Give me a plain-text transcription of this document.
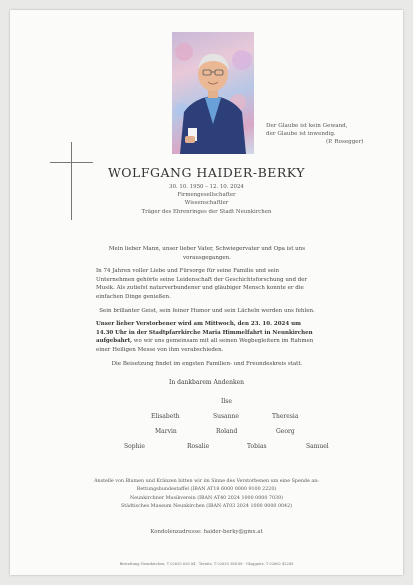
Der Glaube ist kein Gewand,
der Glaube ist inwendig.
(P. Rosegger)
WOLFGANG HAIDER-BERKY
30. 10. 1950 – 12. 10. 2024
Firmengesellschafter
Wissenschaftler
Träger des Ehrenringes der Stadt Neunkirchen

Mein lieber Mann, unser lieber Vater, Schwiegervater und Opa ist uns vorausgegangen.

In 74 Jahren voller Liebe und Fürsorge für seine Familie und sein Unternehmen gehörte seine Leidenschaft der Geschichtsforschung und der Musik. Als zutiefst naturverbundener und gläubiger Mensch konnte er die einfachen Dinge genießen.

Sein brillanter Geist, sein feiner Humor und sein Lächeln werden uns fehlen.

Unser lieber Verstorbener wird am Mittwoch, den 23. 10. 2024 um 14.30 Uhr in der Stadtpfarrkirche Maria Himmelfahrt in Neunkirchen aufgebahrt, wo wir uns gemeinsam mit all seinen Wegbegleitern im Rahmen einer Heiligen Messe von ihm verabschieden.

Die Beisetzung findet im engsten Familien- und Freundeskreis statt.

In dankbarem Andenken
Ilse
Elisabeth	Susanne	Theresia
Marvin	Roland	Georg
Sophie	Rosalie	Tobias	Samuel
Anstelle von Blumen und Kränzen bitten wir im Sinne des Verstorbenen um eine Spende an:
Rettungshundestaffel (IBAN AT18 6000 0000 9100 2220)
Neunkirchner Musikverein (IBAN AT40 2024 1000 0000 7039)
Städtisches Museum Neunkirchen (IBAN AT03 2024 1000 0000 0042)
Kondolenzadresse: haider-berky@gmx.at
Bestattung Neunkirchen, T 02635 626 84 · Ternitz, T 02630 384 68 · Gloggnitz, T 02662 42249
